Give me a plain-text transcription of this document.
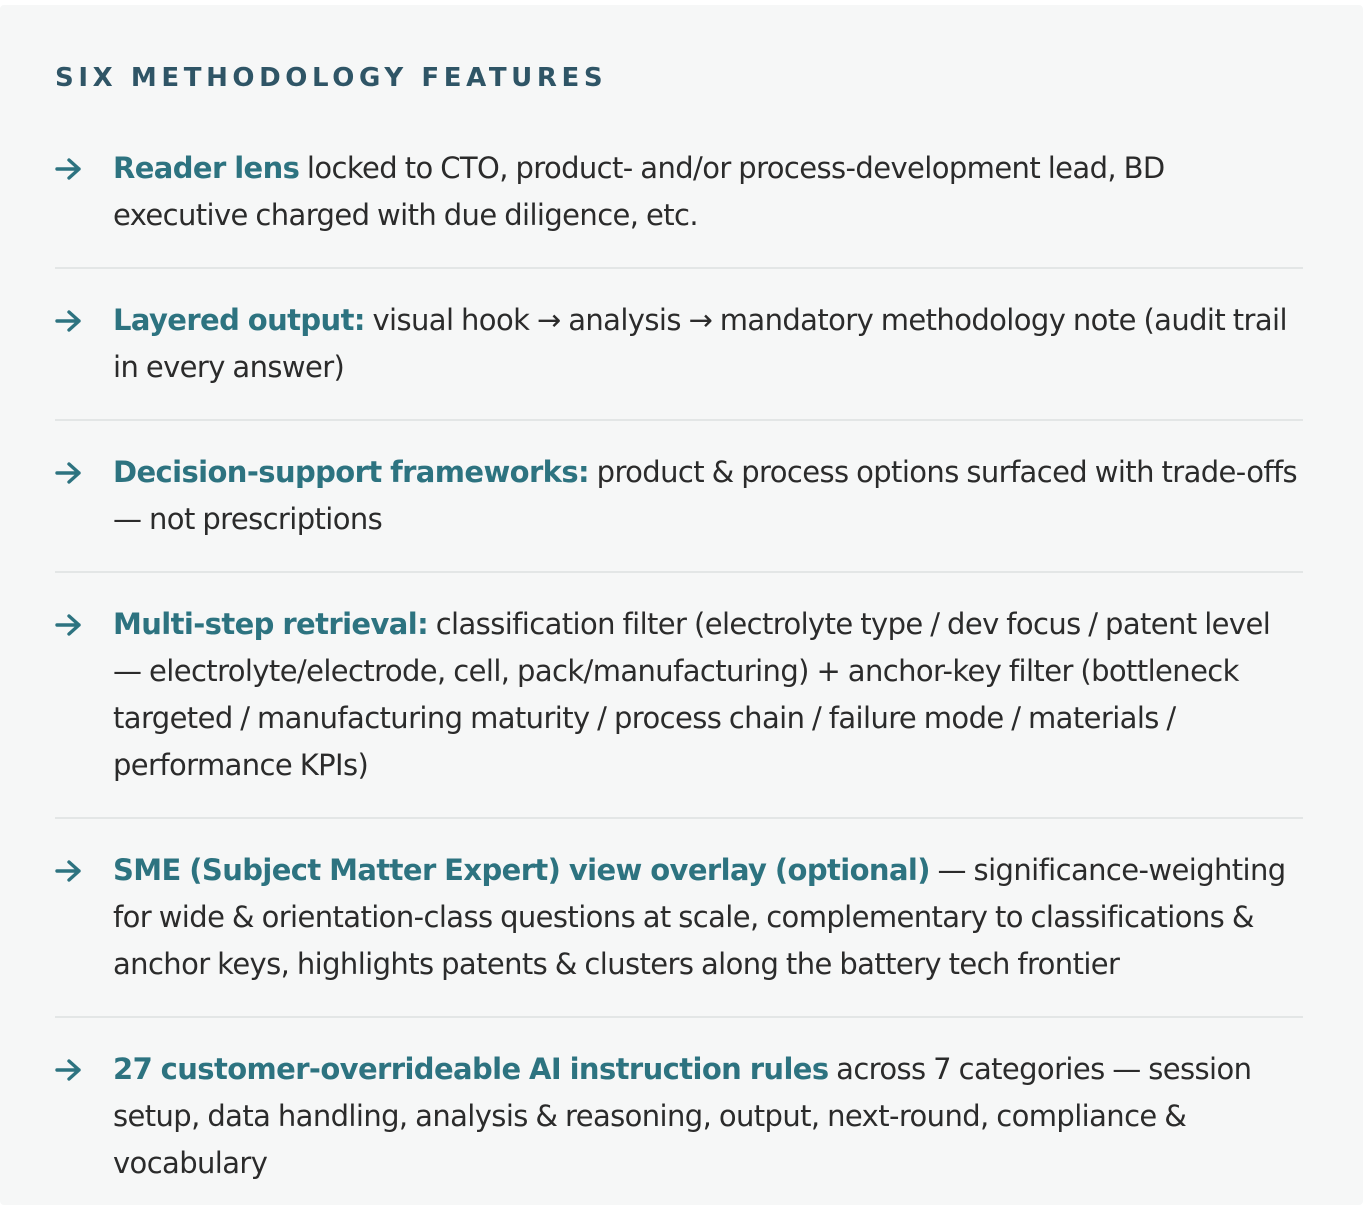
SIX METHODOLOGY FEATURES
Reader lens locked to CTO, product- and/or process-development lead, BD executive charged with due diligence, etc.
Layered output: visual hook → analysis → mandatory methodology note (audit trail in every answer)
Decision-support frameworks: product & process options surfaced with trade-offs — not prescriptions
Multi-step retrieval: classification filter (electrolyte type / dev focus / patent level — electrolyte/electrode, cell, pack/manufacturing) + anchor-key filter (bottleneck targeted / manufacturing maturity / process chain / failure mode / materials / performance KPIs)
SME (Subject Matter Expert) view overlay (optional) — significance-weighting for wide & orientation-class questions at scale, complementary to classifications & anchor keys, highlights patents & clusters along the battery tech frontier
27 customer-overrideable AI instruction rules across 7 categories — session setup, data handling, analysis & reasoning, output, next-round, compliance & vocabulary
